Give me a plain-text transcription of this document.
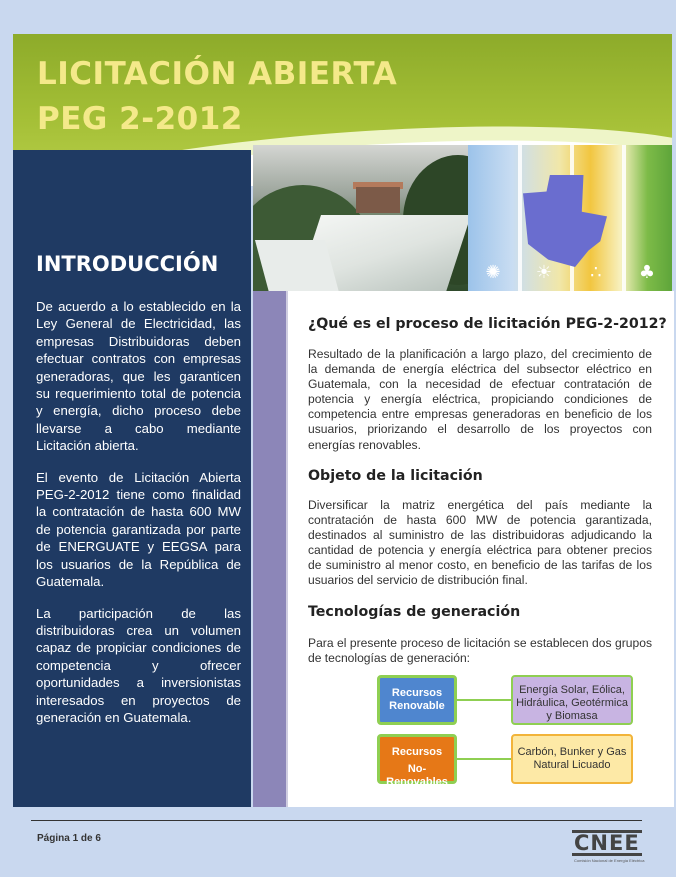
LICITACIÓN ABIERTA
PEG 2-2012
INTRODUCCIÓN

De acuerdo a lo establecido en la Ley General de Electricidad, las empresas Distribuidoras deben efectuar contratos con empresas generadoras, que les garanticen su requerimiento total de potencia y energía, dicho proceso debe llevarse a cabo mediante Licitación abierta.

El evento de Licitación Abierta PEG-2-2012 tiene como finalidad la contratación de hasta 600 MW de potencia garantizada por parte de ENERGUATE y EEGSA para los usuarios de la República de Guatemala.

La participación de las distribuidoras crea un volumen capaz de propiciar condiciones de competencia y ofrecer oportunidades a inversionistas interesados en proyectos de generación en Guatemala.

✺ ☀ ∴ ♣
¿Qué es el proceso de licitación PEG-2-2012?

Resultado de la planificación a largo plazo, del crecimiento de la demanda de energía eléctrica del subsector eléctrico en Guatemala, con la necesidad de efectuar contratación de potencia y energía eléctrica, propiciando condiciones de competencia entre empresas generadoras en beneficio de los usuarios, priorizando el desarrollo de los proyectos con energías renovables.

Objeto de la licitación

Diversificar la matriz energética del país mediante la contratación de hasta 600 MW de potencia garantizada, destinados al suministro de las distribuidoras adjudicando la cantidad de potencia y energía eléctrica para obtener precios de suministro al menor costo, en beneficio de las tarifas de los usuarios del servicio de distribución final.

Tecnologías de generación

Para el presente proceso de licitación se establecen dos grupos de tecnologías de generación:

Recursos
Renovable
Energía Solar, Eólica, Hidráulica, Geotérmica y Biomasa
Recursos
No-Renovables
Carbón, Bunker y Gas Natural Licuado
Página 1 de 6	CNEE
Comisión Nacional de Energía Eléctrica
